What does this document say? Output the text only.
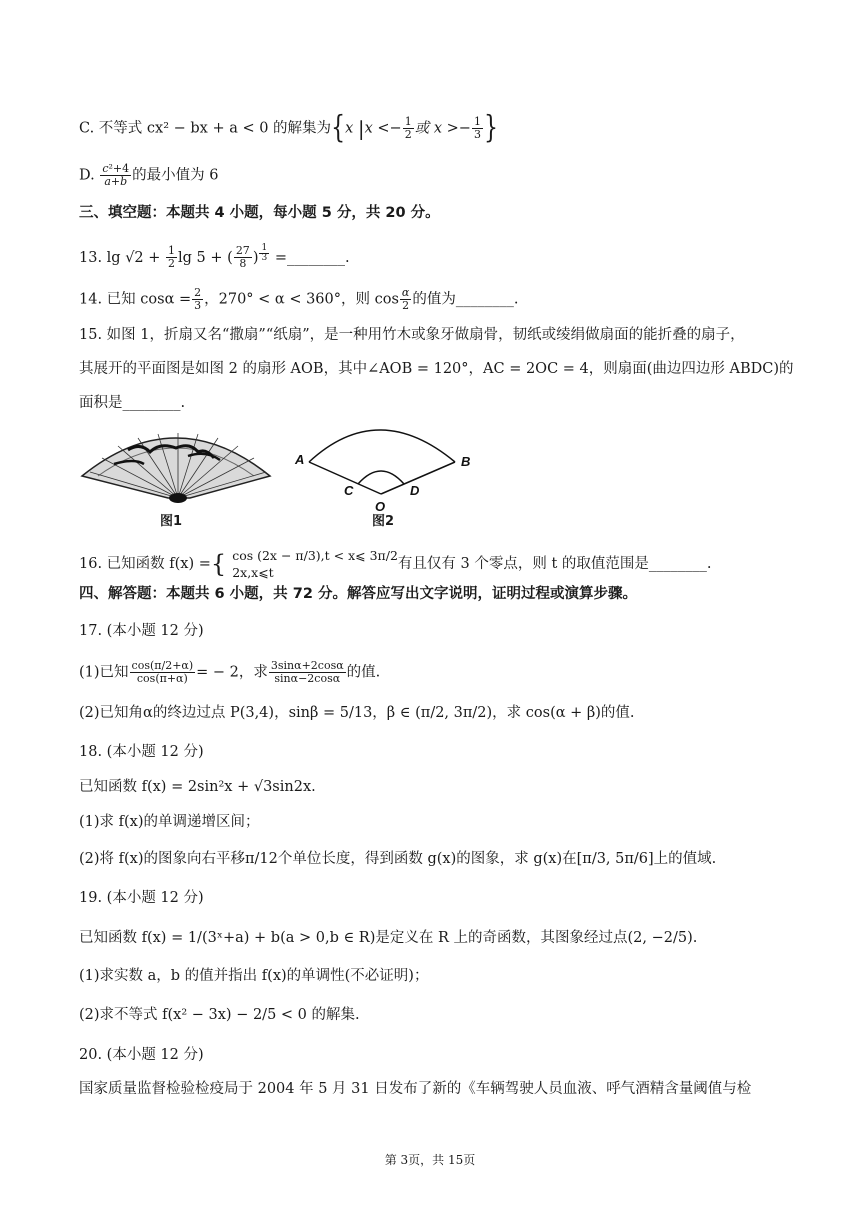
C. 不等式 cx² − bx + a < 0 的解集为{x $|x <- \frac{1}{2}$ 或 $x >- \frac{1}{3}$ }
D. $\frac{\text{c²+4}}{a+b}$ 的最小值为 6
三、填空题：本题共 4 小题，每小题 5 分，共 20 分。
13. $\lg √2 + \frac{1}{2}$ lg 5 + ( $\frac{27}{8}$ ) $^{\frac{1}{3}}$ =________.
14. 已知 $\cos\alpha = \frac{2}{3}$ ，270° < α < 360°，则 $\cos \frac{\alpha}{2}$ 的值为________.
15. 如图 1，折扇又名“撒扇”“纸扇”，是一种用竹木或象牙做扇骨，韧纸或绫绢做扇面的能折叠的扇子，
其展开的平面图是如图 2 的扇形 AOB，其中∠AOB = 120°，AC = 2OC = 4，则扇面(曲边四边形 ABDC)的
面积是________.
A	B
C	D
O
图1	图2
16. 已知函数 f(x) ={ cos (2x − π/3),t < x⩽ 3π/2
2x,x⩽t
有且仅有 3 个零点，则 t 的取值范围是________.
四、解答题：本题共 6 小题，共 72 分。解答应写出文字说明，证明过程或演算步骤。
17. (本小题 12 分)
(1)已知 $\frac{\cos(\pi/2+\alpha)}{\cos(\pi+\alpha)}$ = − 2，求 $\frac{3\sin\alpha+2\cos\alpha}{\sin\alpha-2\cos\alpha}$ 的值.
(2)已知角α的终边过点 P(3,4)，sinβ = 5/13，β ∈ (π/2, 3π/2)，求 cos(α + β)的值.
18. (本小题 12 分)
已知函数 f(x) = 2sin²x + √3sin2x.
(1)求 f(x)的单调递增区间；
(2)将 f(x)的图象向右平移π/12个单位长度，得到函数 g(x)的图象，求 g(x)在[π/3, 5π/6]上的值域.
19. (本小题 12 分)
已知函数 f(x) = 1/(3ˣ+a) + b(a > 0,b ∈ R)是定义在 R 上的奇函数，其图象经过点(2, −2/5).
(1)求实数 a，b 的值并指出 f(x)的单调性(不必证明)；
(2)求不等式 f(x² − 3x) − 2/5 < 0 的解集.
20. (本小题 12 分)
国家质量监督检验检疫局于 2004 年 5 月 31 日发布了新的《车辆驾驶人员血液、呼气酒精含量阈值与检
第 3页，共 15页
